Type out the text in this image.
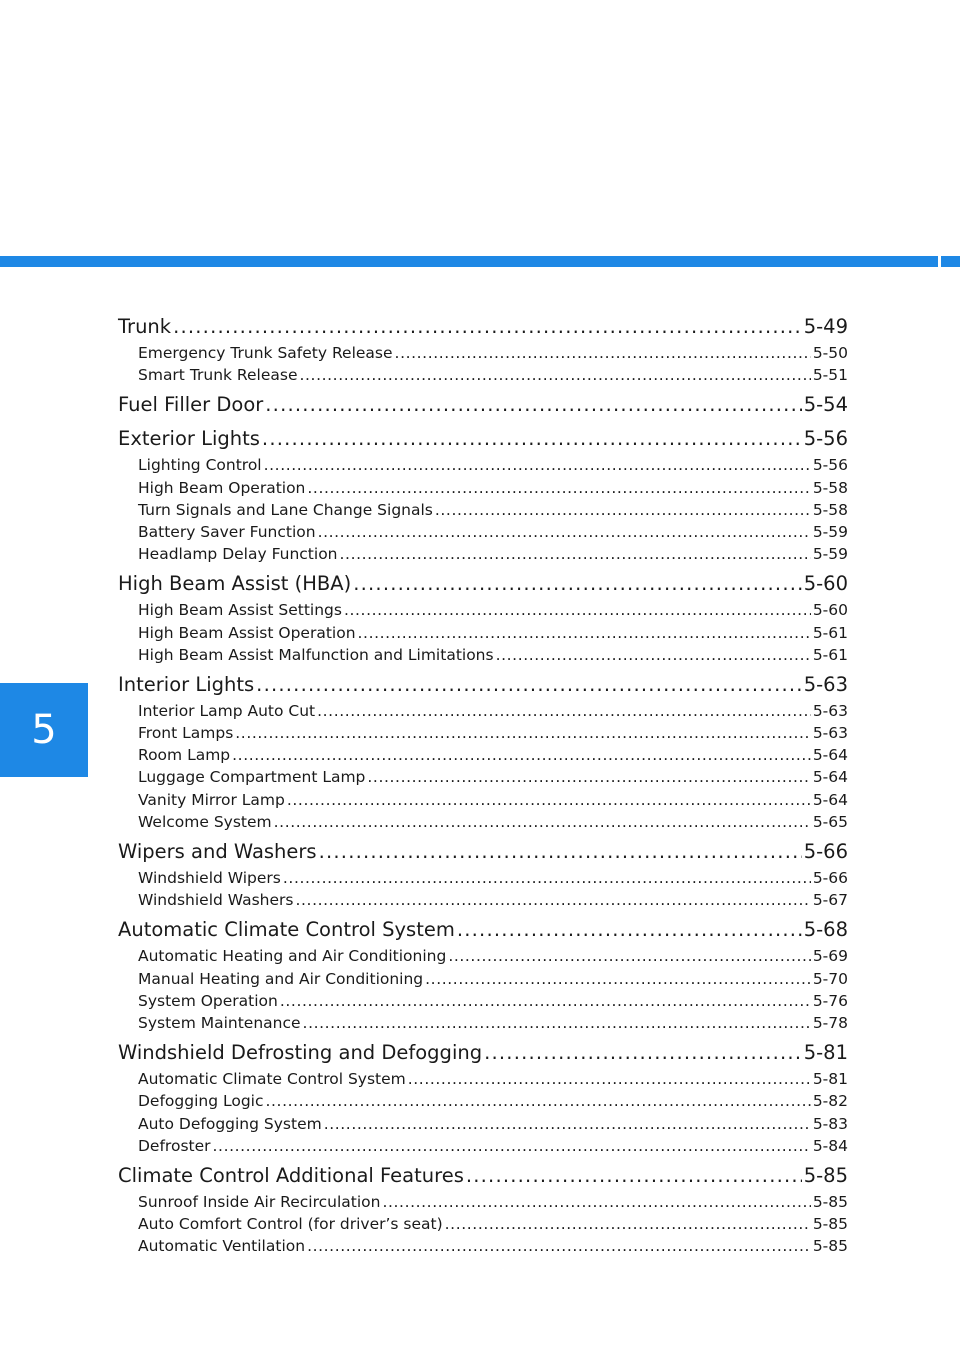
5
Trunk .....	5-49
Emergency Trunk Safety Release .....	5-50
Smart Trunk Release .....	5-51
Fuel Filler Door .....	5-54
Exterior Lights .....	5-56
Lighting Control .....	5-56
High Beam Operation .....	5-58
Turn Signals and Lane Change Signals .....	5-58
Battery Saver Function .....	5-59
Headlamp Delay Function .....	5-59
High Beam Assist (HBA) .....	5-60
High Beam Assist Settings .....	5-60
High Beam Assist Operation .....	5-61
High Beam Assist Malfunction and Limitations .....	5-61
Interior Lights .....	5-63
Interior Lamp Auto Cut .....	5-63
Front Lamps .....	5-63
Room Lamp .....	5-64
Luggage Compartment Lamp .....	5-64
Vanity Mirror Lamp .....	5-64
Welcome System .....	5-65
Wipers and Washers .....	5-66
Windshield Wipers .....	5-66
Windshield Washers .....	5-67
Automatic Climate Control System .....	5-68
Automatic Heating and Air Conditioning .....	5-69
Manual Heating and Air Conditioning .....	5-70
System Operation .....	5-76
System Maintenance .....	5-78
Windshield Defrosting and Defogging .....	5-81
Automatic Climate Control System .....	5-81
Defogging Logic .....	5-82
Auto Defogging System .....	5-83
Defroster .....	5-84
Climate Control Additional Features .....	5-85
Sunroof Inside Air Recirculation .....	5-85
Auto Comfort Control (for driver’s seat) .....	5-85
Automatic Ventilation .....	5-85
